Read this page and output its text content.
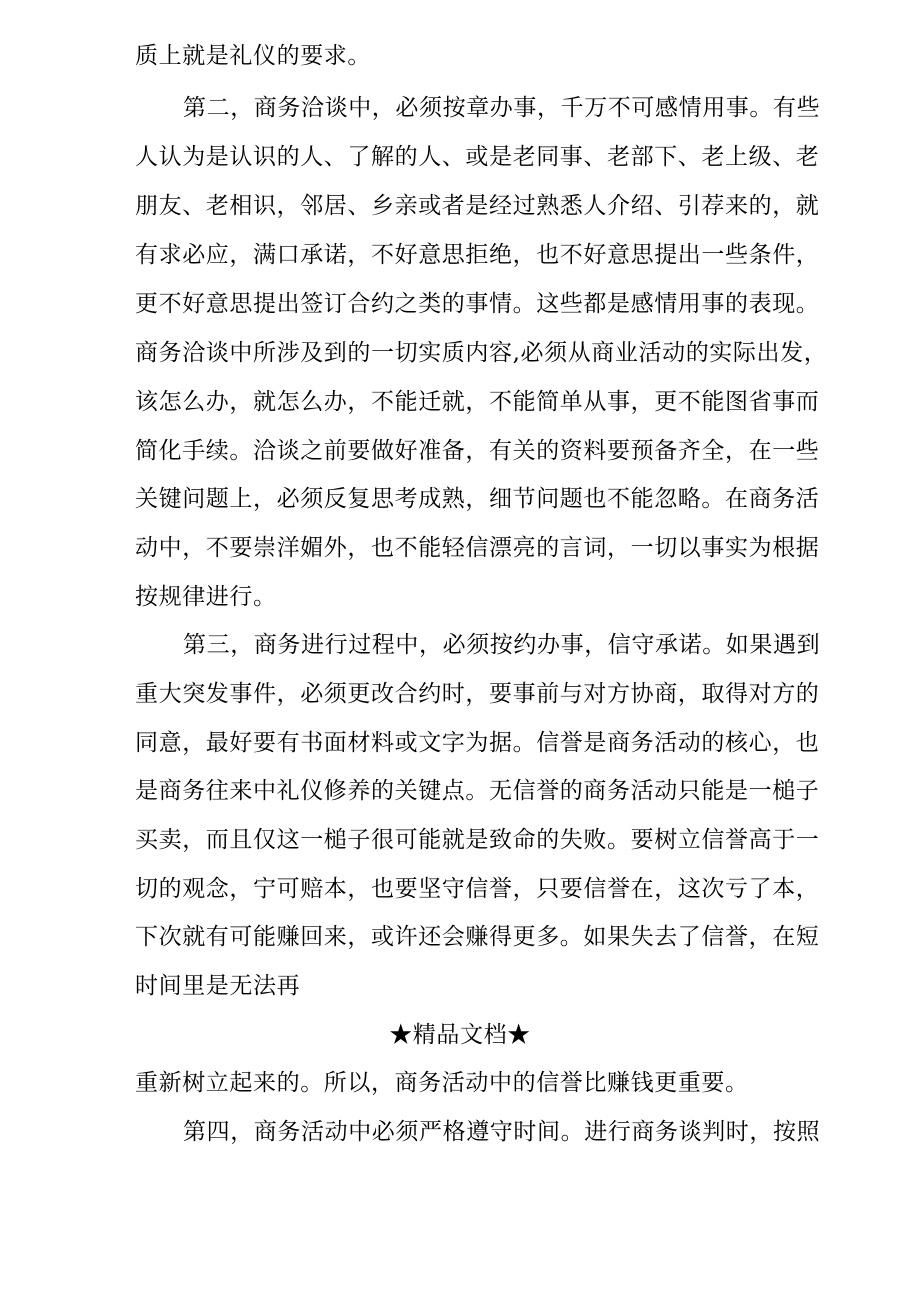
质上就是礼仪的要求。
第二，商务洽谈中，必须按章办事，千万不可感情用事。有些
人认为是认识的人、了解的人、或是老同事、老部下、老上级、老
朋友、老相识，邻居、乡亲或者是经过熟悉人介绍、引荐来的，就
有求必应，满口承诺，不好意思拒绝，也不好意思提出一些条件，
更不好意思提出签订合约之类的事情。这些都是感情用事的表现。
商务洽谈中所涉及到的一切实质内容,必须从商业活动的实际出发，
该怎么办，就怎么办，不能迁就，不能简单从事，更不能图省事而
简化手续。洽谈之前要做好准备，有关的资料要预备齐全，在一些
关键问题上，必须反复思考成熟，细节问题也不能忽略。在商务活
动中，不要崇洋媚外，也不能轻信漂亮的言词，一切以事实为根据
按规律进行。
第三，商务进行过程中，必须按约办事，信守承诺。如果遇到
重大突发事件，必须更改合约时，要事前与对方协商，取得对方的
同意，最好要有书面材料或文字为据。信誉是商务活动的核心，也
是商务往来中礼仪修养的关键点。无信誉的商务活动只能是一槌子
买卖，而且仅这一槌子很可能就是致命的失败。要树立信誉高于一
切的观念，宁可赔本，也要坚守信誉，只要信誉在，这次亏了本，
下次就有可能赚回来，或许还会赚得更多。如果失去了信誉，在短
时间里是无法再
★精品文档★
重新树立起来的。所以，商务活动中的信誉比赚钱更重要。
第四，商务活动中必须严格遵守时间。进行商务谈判时，按照
